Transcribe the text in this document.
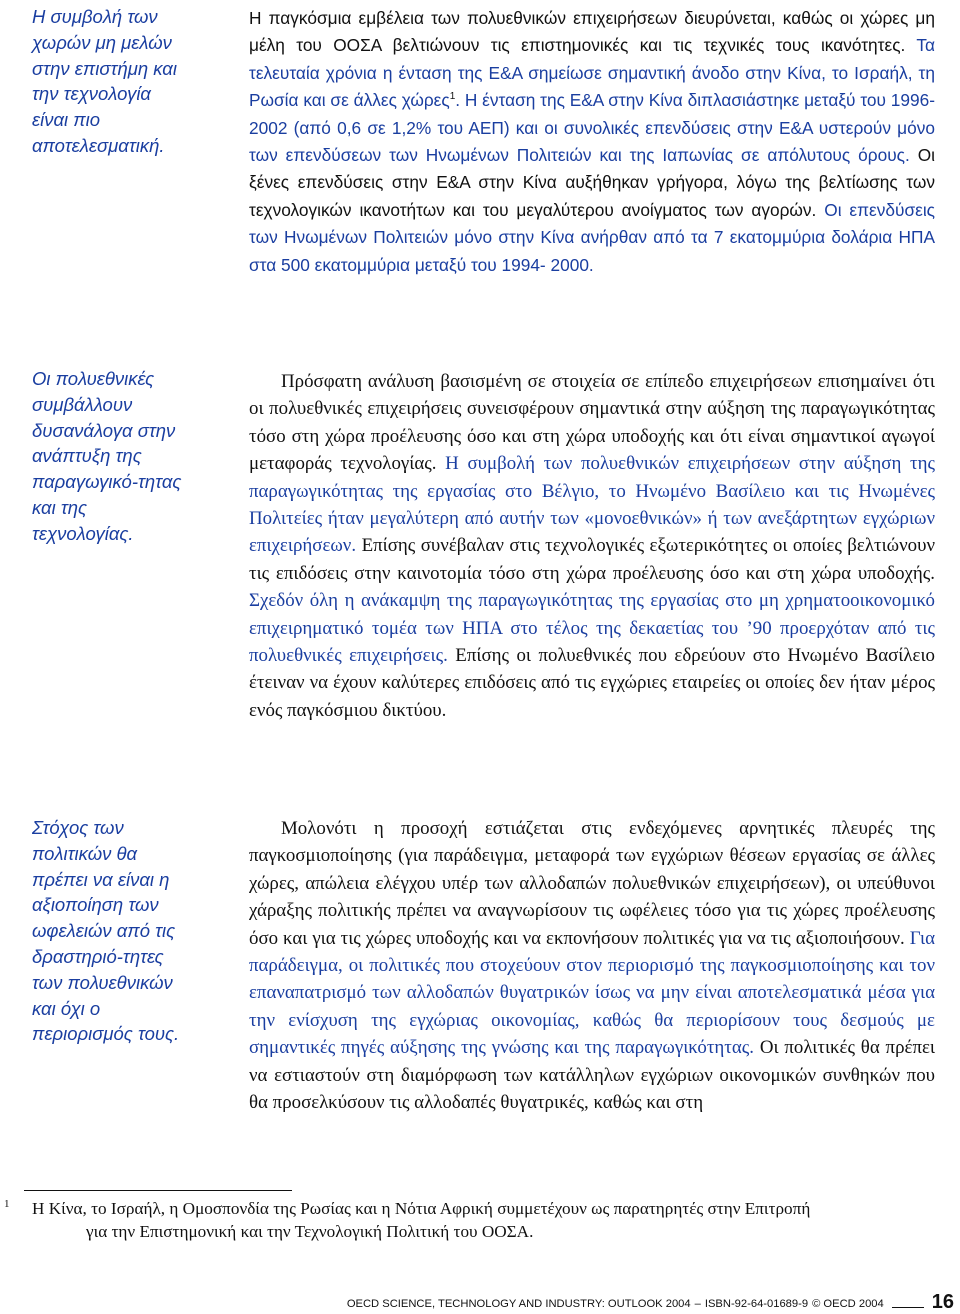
Η συμβολή των χωρών μη μελών στην επιστήμη και την τεχνολογία είναι πιο αποτελεσματική.

Οι πολυεθνικές συμβάλλουν δυσανάλογα στην ανάπτυξη της παραγωγικό-τητας και της τεχνολογίας.

Στόχος των πολιτικών θα πρέπει να είναι η αξιοποίηση των ωφελειών από τις δραστηριό-τητες των πολυεθνικών και όχι ο περιορισμός τους.

Η παγκόσμια εμβέλεια των πολυεθνικών επιχειρήσεων διευρύνεται, καθώς οι χώρες μη μέλη του ΟΟΣΑ βελτιώνουν τις επιστημονικές και τις τεχνικές τους ικανότητες. Τα τελευταία χρόνια η ένταση της Ε&Α σημείωσε σημαντική άνοδο στην Κίνα, το Ισραήλ, τη Ρωσία και σε άλλες χώρες$^1$. Η ένταση της Ε&Α στην Κίνα διπλασιάστηκε μεταξύ του 1996-2002 (από 0,6 σε 1,2% του ΑΕΠ) και οι συνολικές επενδύσεις στην Ε&Α υστερούν μόνο των επενδύσεων των Ηνωμένων Πολιτειών και της Ιαπωνίας σε απόλυτους όρους. Οι ξένες επενδύσεις στην Ε&Α στην Κίνα αυξήθηκαν γρήγορα, λόγω της βελτίωσης των τεχνολογικών ικανοτήτων και του μεγαλύτερου ανοίγματος των αγορών. Οι επενδύσεις των Ηνωμένων Πολιτειών μόνο στην Κίνα ανήρθαν από τα 7 εκατομμύρια δολάρια ΗΠΑ στα 500 εκατομμύρια μεταξύ του 1994- 2000.

Πρόσφατη ανάλυση βασισμένη σε στοιχεία σε επίπεδο επιχειρήσεων επισημαίνει ότι οι πολυεθνικές επιχειρήσεις συνεισφέρουν σημαντικά στην αύξηση της παραγωγικότητας τόσο στη χώρα προέλευσης όσο και στη χώρα υποδοχής και ότι είναι σημαντικοί αγωγοί μεταφοράς τεχνολογίας. Η συμβολή των πολυεθνικών επιχειρήσεων στην αύξηση της παραγωγικότητας της εργασίας στο Βέλγιο, το Ηνωμένο Βασίλειο και τις Ηνωμένες Πολιτείες ήταν μεγαλύτερη από αυτήν των «μονοεθνικών» ή των ανεξάρτητων εγχώριων επιχειρήσεων. Επίσης συνέβαλαν στις τεχνολογικές εξωτερικότητες οι οποίες βελτιώνουν τις επιδόσεις στην καινοτομία τόσο στη χώρα προέλευσης όσο και στη χώρα υποδοχής. Σχεδόν όλη η ανάκαμψη της παραγωγικότητας της εργασίας στο μη χρηματοοικονομικό επιχειρηματικό τομέα των ΗΠΑ στο τέλος της δεκαετίας του ’90 προερχόταν από τις πολυεθνικές επιχειρήσεις. Επίσης οι πολυεθνικές που εδρεύουν στο Ηνωμένο Βασίλειο έτειναν να έχουν καλύτερες επιδόσεις από τις εγχώριες εταιρείες οι οποίες δεν ήταν μέρος ενός παγκόσμιου δικτύου.

Μολονότι η προσοχή εστιάζεται στις ενδεχόμενες αρνητικές πλευρές της παγκοσμιοποίησης (για παράδειγμα, μεταφορά των εγχώριων θέσεων εργασίας σε άλλες χώρες, απώλεια ελέγχου υπέρ των αλλοδαπών πολυεθνικών επιχειρήσεων), οι υπεύθυνοι χάραξης πολιτικής πρέπει να αναγνωρίσουν τις ωφέλειες τόσο για τις χώρες προέλευσης όσο και για τις χώρες υποδοχής και να εκπονήσουν πολιτικές για να τις αξιοποιήσουν. Για παράδειγμα, οι πολιτικές που στοχεύουν στον περιορισμό της παγκοσμιοποίησης και τον επαναπατρισμό των αλλοδαπών θυγατρικών ίσως να μην είναι αποτελεσματικά μέσα για την ενίσχυση της εγχώριας οικονομίας, καθώς θα περιορίσουν τους δεσμούς με σημαντικές πηγές αύξησης της γνώσης και της παραγωγικότητας. Οι πολιτικές θα πρέπει να εστιαστούν στη διαμόρφωση των κατάλληλων εγχώριων οικονομικών συνθηκών που θα προσελκύσουν τις αλλοδαπές θυγατρικές, καθώς και στη

1	Η Κίνα, το Ισραήλ, η Ομοσπονδία της Ρωσίας και η Νότια Αφρική συμμετέχουν ως παρατηρητές στην Επιτροπή
για την Επιστημονική και την Τεχνολογική Πολιτική του ΟΟΣΑ.
OECD SCIENCE, TECHNOLOGY AND INDUSTRY: OUTLOOK 2004 – ISBN-92-64-01689-9 © OECD 2004 16
